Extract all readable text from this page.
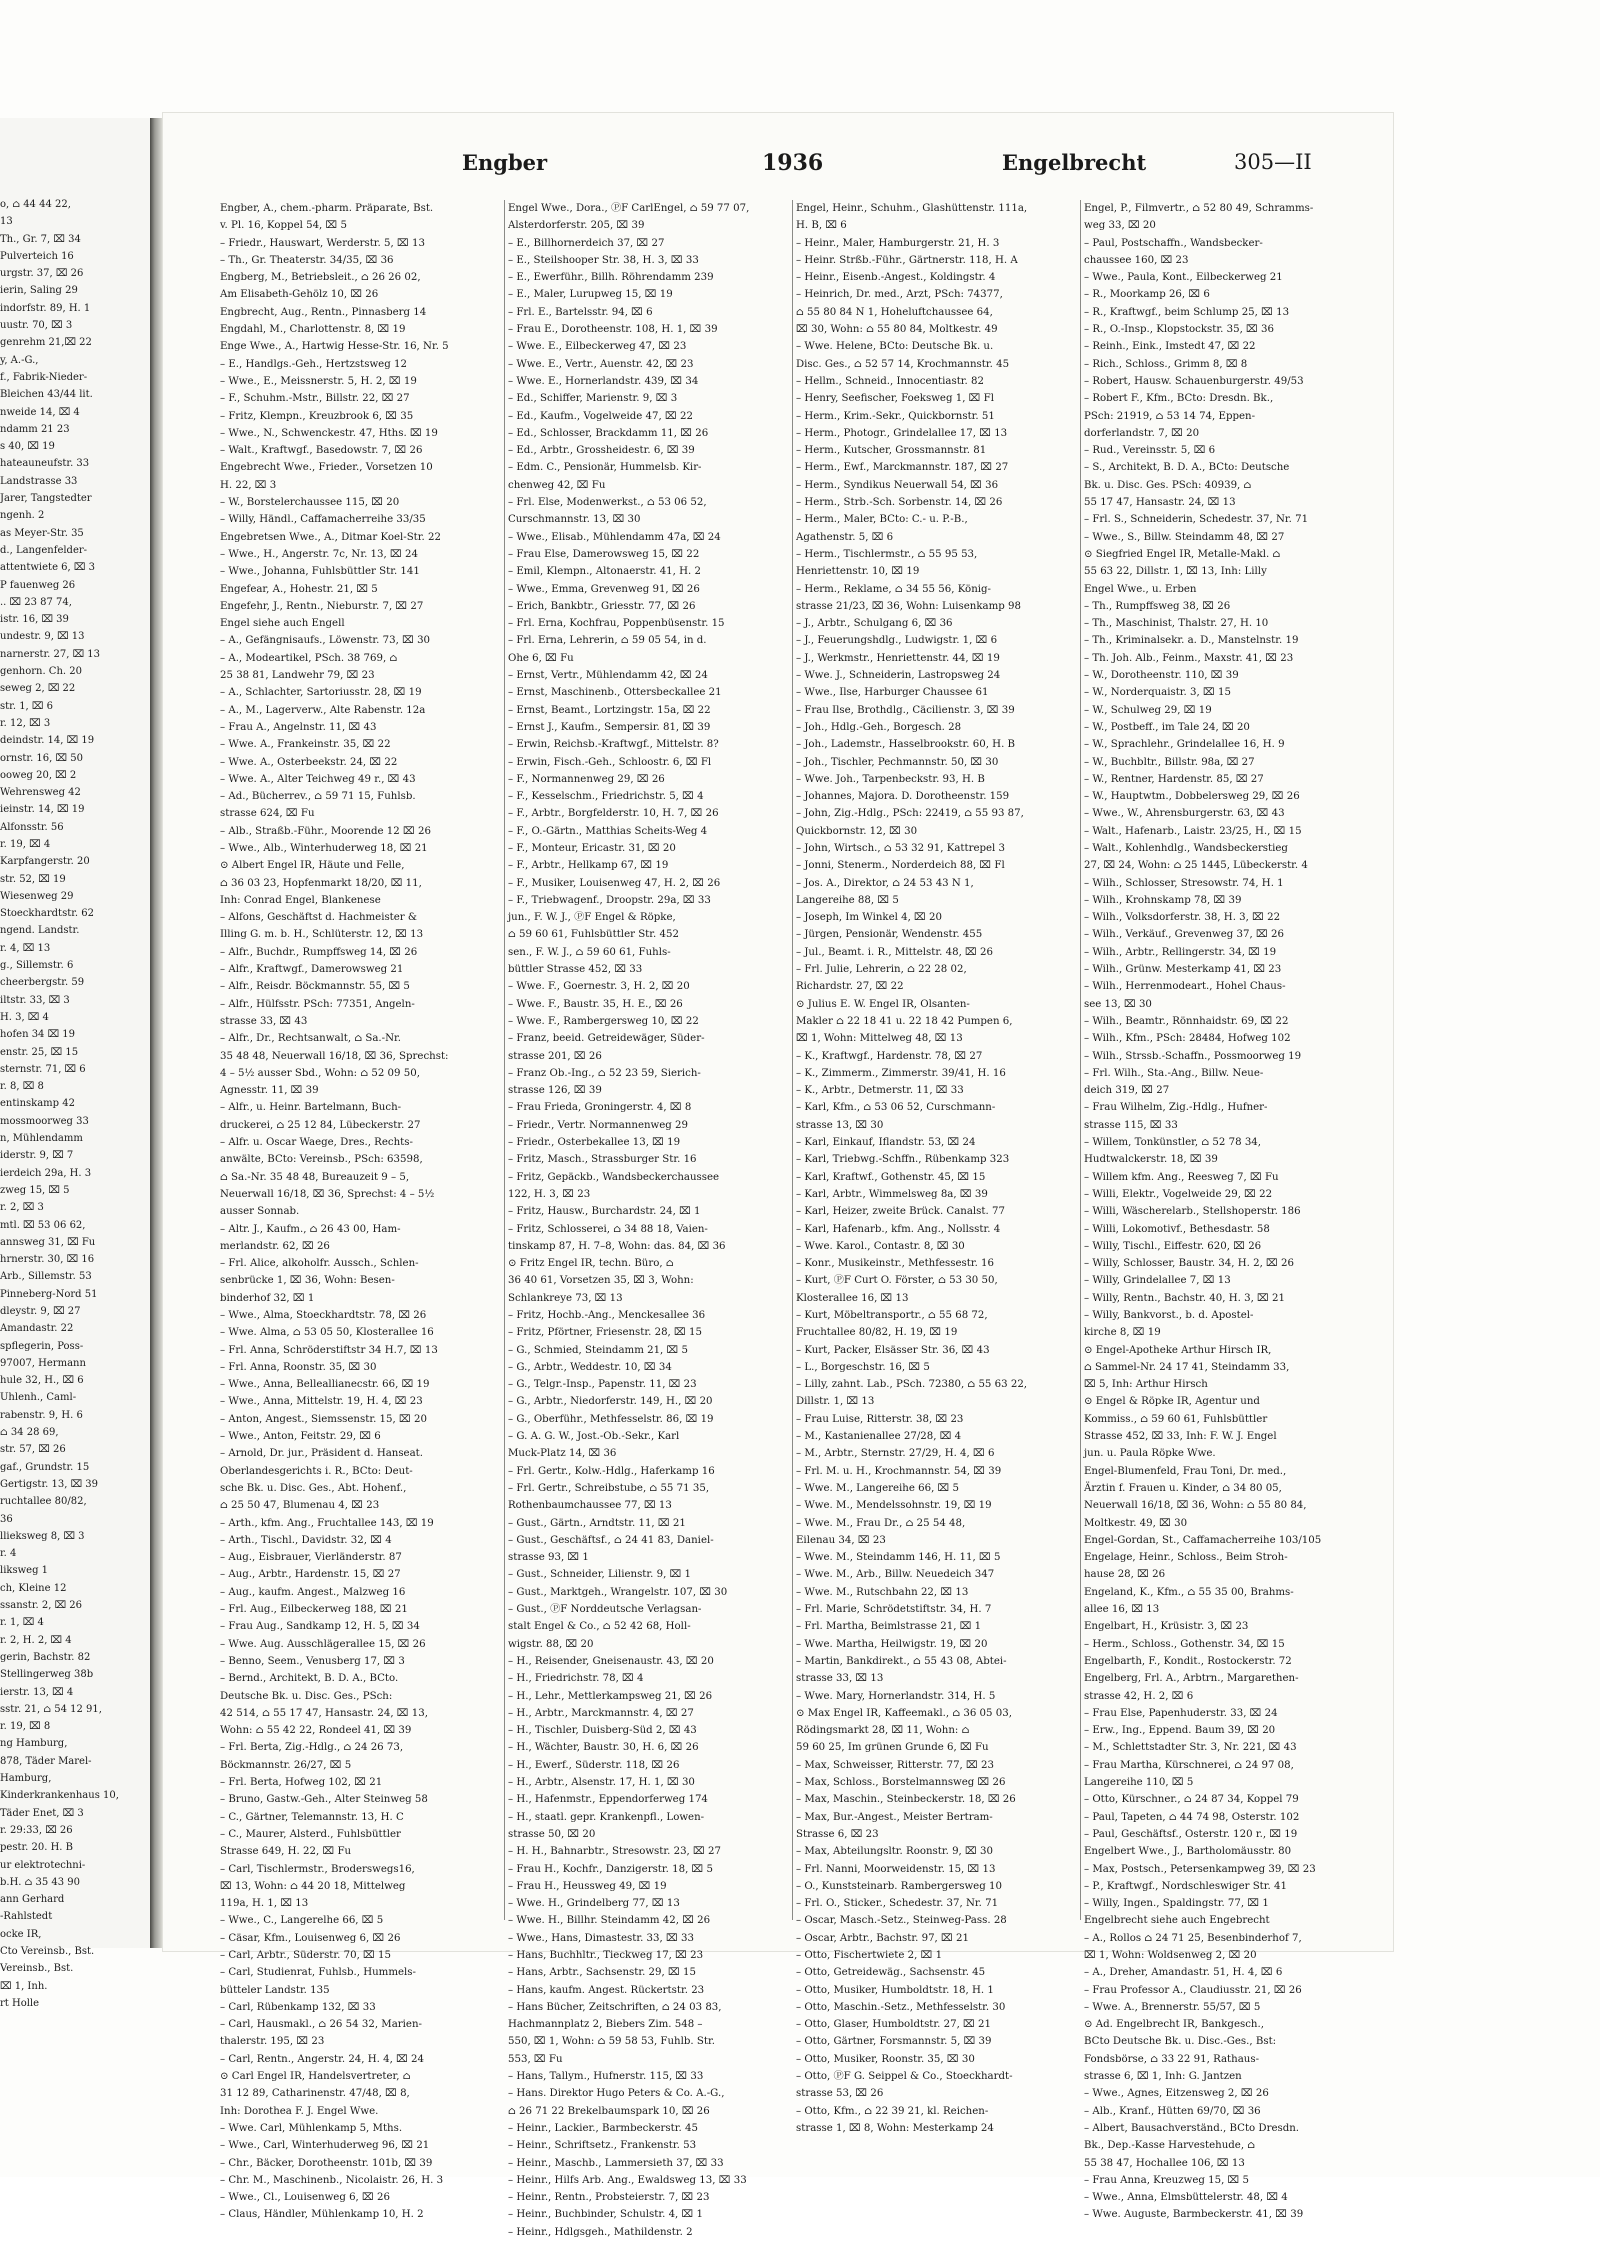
o, ⌂ 44 44 22,
13
Th., Gr. 7, ⌧ 34
Pulverteich 16
urgstr. 37, ⌧ 26
ierin, Saling 29
indorfstr. 89, H. 1
uustr. 70, ⌧ 3
genrehm 21,⌧ 22
y, A.-G.,
f., Fabrik-Nieder-
Bleichen 43/44 lit.
nweide 14, ⌧ 4
ndamm 21 23
s 40, ⌧ 19
hateauneufstr. 33
Landstrasse 33
Jarer, Tangstedter
ngenh. 2
as Meyer-Str. 35
d., Langenfelder-
attentwiete 6, ⌧ 3
P fauenweg 26
.. ⌧ 23 87 74,
istr. 16, ⌧ 39
undestr. 9, ⌧ 13
narnerstr. 27, ⌧ 13
genhorn. Ch. 20
seweg 2, ⌧ 22
str. 1, ⌧ 6
r. 12, ⌧ 3
deindstr. 14, ⌧ 19
ornstr. 16, ⌧ 50
ooweg 20, ⌧ 2
Wehrensweg 42
ieinstr. 14, ⌧ 19
Alfonsstr. 56
r. 19, ⌧ 4
Karpfangerstr. 20
str. 52, ⌧ 19
Wiesenweg 29
Stoeckhardtstr. 62
ngend. Landstr.
r. 4, ⌧ 13
g., Sillemstr. 6
cheerbergstr. 59
iltstr. 33, ⌧ 3
H. 3, ⌧ 4
hofen 34 ⌧ 19
enstr. 25, ⌧ 15
sternstr. 71, ⌧ 6
r. 8, ⌧ 8
entinskamp 42
mossmoorweg 33
n, Mühlendamm
iderstr. 9, ⌧ 7
ierdeich 29a, H. 3
zweg 15, ⌧ 5
r. 2, ⌧ 3
mtl. ⌧ 53 06 62,
annsweg 31, ⌧ Fu
hrnerstr. 30, ⌧ 16
Arb., Sillemstr. 53
Pinneberg-Nord 51
dleystr. 9, ⌧ 27
Amandastr. 22
spflegerin, Poss-
97007, Hermann
hule 32, H., ⌧ 6
Uhlenh., Caml-
rabenstr. 9, H. 6
⌂ 34 28 69,
str. 57, ⌧ 26
gaf., Grundstr. 15
Gertigstr. 13, ⌧ 39
ruchtallee 80/82,
36
llieksweg 8, ⌧ 3
r. 4
liksweg 1
ch, Kleine 12
ssanstr. 2, ⌧ 26
r. 1, ⌧ 4
r. 2, H. 2, ⌧ 4
gerin, Bachstr. 82
Stellingerweg 38b
ierstr. 13, ⌧ 4
sstr. 21, ⌂ 54 12 91,
r. 19, ⌧ 8
ng Hamburg,
878, Täder Marel-
Hamburg,
Kinderkrankenhaus 10,
Täder Enet, ⌧ 3
r. 29:33, ⌧ 26
pestr. 20. H. B
ur elektrotechni-
b.H. ⌂ 35 43 90
ann Gerhard
-Rahlstedt
ocke IR,
Cto Vereinsb., Bst.
Vereinsb., Bst.
⌧ 1, Inh.
rt Holle
Engber	1936	Engelbrecht	305—II
Engber, A., chem.-pharm. Präparate, Bst.
v. Pl. 16, Koppel 54, ⌧ 5
– Friedr., Hauswart, Werderstr. 5, ⌧ 13
– Th., Gr. Theaterstr. 34/35, ⌧ 36
Engberg, M., Betriebsleit., ⌂ 26 26 02,
Am Elisabeth-Gehölz 10, ⌧ 26
Engbrecht, Aug., Rentn., Pinnasberg 14
Engdahl, M., Charlottenstr. 8, ⌧ 19
Enge Wwe., A., Hartwig Hesse-Str. 16, Nr. 5
– E., Handlgs.-Geh., Hertzstsweg 12
– Wwe., E., Meissnerstr. 5, H. 2, ⌧ 19
– F., Schuhm.-Mstr., Billstr. 22, ⌧ 27
– Fritz, Klempn., Kreuzbrook 6, ⌧ 35
– Wwe., N., Schwenckestr. 47, Hths. ⌧ 19
– Walt., Kraftwgf., Basedowstr. 7, ⌧ 26
Engebrecht Wwe., Frieder., Vorsetzen 10
H. 22, ⌧ 3
– W., Borstelerchaussee 115, ⌧ 20
– Willy, Händl., Caffamacherreihe 33/35
Engebretsen Wwe., A., Ditmar Koel-Str. 22
– Wwe., H., Angerstr. 7c, Nr. 13, ⌧ 24
– Wwe., Johanna, Fuhlsbüttler Str. 141
Engefear, A., Hohestr. 21, ⌧ 5
Engefehr, J., Rentn., Nieburstr. 7, ⌧ 27
Engel siehe auch Engell
– A., Gefängnisaufs., Löwenstr. 73, ⌧ 30
– A., Modeartikel, PSch. 38 769, ⌂
25 38 81, Landwehr 79, ⌧ 23
– A., Schlachter, Sartoriusstr. 28, ⌧ 19
– A., M., Lagerverw., Alte Rabenstr. 12a
– Frau A., Angelnstr. 11, ⌧ 43
– Wwe. A., Frankeinstr. 35, ⌧ 22
– Wwe. A., Osterbeekstr. 24, ⌧ 22
– Wwe. A., Alter Teichweg 49 r., ⌧ 43
– Ad., Bücherrev., ⌂ 59 71 15, Fuhlsb.
strasse 624, ⌧ Fu
– Alb., Straßb.-Führ., Moorende 12 ⌧ 26
– Wwe., Alb., Winterhuderweg 18, ⌧ 21
⊙ Albert Engel IR, Häute und Felle,
⌂ 36 03 23, Hopfenmarkt 18/20, ⌧ 11,
Inh: Conrad Engel, Blankenese
– Alfons, Geschäftst d. Hachmeister &
Illing G. m. b. H., Schlüterstr. 12, ⌧ 13
– Alfr., Buchdr., Rumpffsweg 14, ⌧ 26
– Alfr., Kraftwgf., Damerowsweg 21
– Alfr., Reisdr. Böckmannstr. 55, ⌧ 5
– Alfr., Hülfsstr. PSch: 77351, Angeln-
strasse 33, ⌧ 43
– Alfr., Dr., Rechtsanwalt, ⌂ Sa.-Nr.
35 48 48, Neuerwall 16/18, ⌧ 36, Sprechst:
4 – 5½ ausser Sbd., Wohn: ⌂ 52 09 50,
Agnesstr. 11, ⌧ 39
– Alfr., u. Heinr. Bartelmann, Buch-
druckerei, ⌂ 25 12 84, Lübeckerstr. 27
– Alfr. u. Oscar Waege, Dres., Rechts-
anwälte, BCto: Vereinsb., PSch: 63598,
⌂ Sa.-Nr. 35 48 48, Bureauzeit 9 – 5,
Neuerwall 16/18, ⌧ 36, Sprechst: 4 – 5½
ausser Sonnab.
– Altr. J., Kaufm., ⌂ 26 43 00, Ham-
merlandstr. 62, ⌧ 26
– Frl. Alice, alkoholfr. Aussch., Schlen-
senbrücke 1, ⌧ 36, Wohn: Besen-
binderhof 32, ⌧ 1
– Wwe., Alma, Stoeckhardtstr. 78, ⌧ 26
– Wwe. Alma, ⌂ 53 05 50, Klosterallee 16
– Frl. Anna, Schröderstiftstr 34 H.7, ⌧ 13
– Frl. Anna, Roonstr. 35, ⌧ 30
– Wwe., Anna, Belleallianecstr. 66, ⌧ 19
– Wwe., Anna, Mittelstr. 19, H. 4, ⌧ 23
– Anton, Angest., Siemssenstr. 15, ⌧ 20
– Wwe., Anton, Feitstr. 29, ⌧ 6
– Arnold, Dr. jur., Präsident d. Hanseat.
Oberlandesgerichts i. R., BCto: Deut-
sche Bk. u. Disc. Ges., Abt. Hohenf.,
⌂ 25 50 47, Blumenau 4, ⌧ 23
– Arth., kfm. Ang., Fruchtallee 143, ⌧ 19
– Arth., Tischl., Davidstr. 32, ⌧ 4
– Aug., Eisbrauer, Vierländerstr. 87
– Aug., Arbtr., Hardenstr. 15, ⌧ 27
– Aug., kaufm. Angest., Malzweg 16
– Frl. Aug., Eilbeckerweg 188, ⌧ 21
– Frau Aug., Sandkamp 12, H. 5, ⌧ 34
– Wwe. Aug. Ausschlägerallee 15, ⌧ 26
– Benno, Seem., Venusberg 17, ⌧ 3
– Bernd., Architekt, B. D. A., BCto.
Deutsche Bk. u. Disc. Ges., PSch:
42 514, ⌂ 55 17 47, Hansastr. 24, ⌧ 13,
Wohn: ⌂ 55 42 22, Rondeel 41, ⌧ 39
– Frl. Berta, Zig.-Hdlg., ⌂ 24 26 73,
Böckmannstr. 26/27, ⌧ 5
– Frl. Berta, Hofweg 102, ⌧ 21
– Bruno, Gastw.-Geh., Alter Steinweg 58
– C., Gärtner, Telemannstr. 13, H. C
– C., Maurer, Alsterd., Fuhlsbüttler
Strasse 649, H. 22, ⌧ Fu
– Carl, Tischlermstr., Broderswegs16,
⌧ 13, Wohn: ⌂ 44 20 18, Mittelweg
119a, H. 1, ⌧ 13
– Wwe., C., Langerelhe 66, ⌧ 5
– Cäsar, Kfm., Louisenweg 6, ⌧ 26
– Carl, Arbtr., Süderstr. 70, ⌧ 15
– Carl, Studienrat, Fuhlsb., Hummels-
bütteler Landstr. 135
– Carl, Rübenkamp 132, ⌧ 33
– Carl, Hausmakl., ⌂ 26 54 32, Marien-
thalerstr. 195, ⌧ 23
– Carl, Rentn., Angerstr. 24, H. 4, ⌧ 24
⊙ Carl Engel IR, Handelsvertreter, ⌂
31 12 89, Catharinenstr. 47/48, ⌧ 8,
Inh: Dorothea F. J. Engel Wwe.
– Wwe. Carl, Mühlenkamp 5, Mths.
– Wwe., Carl, Winterhuderweg 96, ⌧ 21
– Chr., Bäcker, Dorotheenstr. 101b, ⌧ 39
– Chr. M., Maschinenb., Nicolaistr. 26, H. 3
– Wwe., Cl., Louisenweg 6, ⌧ 26
– Claus, Händler, Mühlenkamp 10, H. 2
Engel Wwe., Dora., ⓅF CarlEngel, ⌂ 59 77 07,
Alsterdorferstr. 205, ⌧ 39
– E., Billhornerdeich 37, ⌧ 27
– E., Steilshooper Str. 38, H. 3, ⌧ 33
– E., Ewerführ., Billh. Röhrendamm 239
– E., Maler, Lurupweg 15, ⌧ 19
– Frl. E., Bartelsstr. 94, ⌧ 6
– Frau E., Dorotheenstr. 108, H. 1, ⌧ 39
– Wwe. E., Eilbeckerweg 47, ⌧ 23
– Wwe. E., Vertr., Auenstr. 42, ⌧ 23
– Wwe. E., Hornerlandstr. 439, ⌧ 34
– Ed., Schiffer, Marienstr. 9, ⌧ 3
– Ed., Kaufm., Vogelweide 47, ⌧ 22
– Ed., Schlosser, Brackdamm 11, ⌧ 26
– Ed., Arbtr., Grossheidestr. 6, ⌧ 39
– Edm. C., Pensionär, Hummelsb. Kir-
chenweg 42, ⌧ Fu
– Frl. Else, Modenwerkst., ⌂ 53 06 52,
Curschmannstr. 13, ⌧ 30
– Wwe., Elisab., Mühlendamm 47a, ⌧ 24
– Frau Else, Damerowsweg 15, ⌧ 22
– Emil, Klempn., Altonaerstr. 41, H. 2
– Wwe., Emma, Grevenweg 91, ⌧ 26
– Erich, Bankbtr., Griesstr. 77, ⌧ 26
– Frl. Erna, Kochfrau, Poppenbüsenstr. 15
– Frl. Erna, Lehrerin, ⌂ 59 05 54, in d.
Ohe 6, ⌧ Fu
– Ernst, Vertr., Mühlendamm 42, ⌧ 24
– Ernst, Maschinenb., Ottersbeckallee 21
– Ernst, Beamt., Lortzingstr. 15a, ⌧ 22
– Ernst J., Kaufm., Sempersir. 81, ⌧ 39
– Erwin, Reichsb.-Kraftwgf., Mittelstr. 8?
– Erwin, Fisch.-Geh., Schloostr. 6, ⌧ Fl
– F., Normannenweg 29, ⌧ 26
– F., Kesselschm., Friedrichstr. 5, ⌧ 4
– F., Arbtr., Borgfelderstr. 10, H. 7, ⌧ 26
– F., O.-Gärtn., Matthias Scheits-Weg 4
– F., Monteur, Ericastr. 31, ⌧ 20
– F., Arbtr., Hellkamp 67, ⌧ 19
– F., Musiker, Louisenweg 47, H. 2, ⌧ 26
– F., Triebwagenf., Droopstr. 29a, ⌧ 33
jun., F. W. J., ⓅF Engel & Röpke,
⌂ 59 60 61, Fuhlsbüttler Str. 452
sen., F. W. J., ⌂ 59 60 61, Fuhls-
büttler Strasse 452, ⌧ 33
– Wwe. F., Goernestr. 3, H. 2, ⌧ 20
– Wwe. F., Baustr. 35, H. E., ⌧ 26
– Wwe. F., Rambergersweg 10, ⌧ 22
– Franz, beeid. Getreidewäger, Süder-
strasse 201, ⌧ 26
– Franz Ob.-Ing., ⌂ 52 23 59, Sierich-
strasse 126, ⌧ 39
– Frau Frieda, Groningerstr. 4, ⌧ 8
– Friedr., Vertr. Normannenweg 29
– Friedr., Osterbekallee 13, ⌧ 19
– Fritz, Masch., Strassburger Str. 16
– Fritz, Gepäckb., Wandsbeckerchaussee
122, H. 3, ⌧ 23
– Fritz, Hausw., Burchardstr. 24, ⌧ 1
– Fritz, Schlosserei, ⌂ 34 88 18, Vaien-
tinskamp 87, H. 7–8, Wohn: das. 84, ⌧ 36
⊙ Fritz Engel IR, techn. Büro, ⌂
36 40 61, Vorsetzen 35, ⌧ 3, Wohn:
Schlankreye 73, ⌧ 13
– Fritz, Hochb.-Ang., Menckesallee 36
– Fritz, Pförtner, Friesenstr. 28, ⌧ 15
– G., Schmied, Steindamm 21, ⌧ 5
– G., Arbtr., Weddestr. 10, ⌧ 34
– G., Telgr.-Insp., Papenstr. 11, ⌧ 23
– G., Arbtr., Niedorferstr. 149, H., ⌧ 20
– G., Oberführ., Methfesselstr. 86, ⌧ 19
– G. A. G. W., Jost.-Ob.-Sekr., Karl
Muck-Platz 14, ⌧ 36
– Frl. Gertr., Kolw.-Hdlg., Haferkamp 16
– Frl. Gertr., Schreibstube, ⌂ 55 71 35,
Rothenbaumchaussee 77, ⌧ 13
– Gust., Gärtn., Arndtstr. 11, ⌧ 21
– Gust., Geschäftsf., ⌂ 24 41 83, Daniel-
strasse 93, ⌧ 1
– Gust., Schneider, Lilienstr. 9, ⌧ 1
– Gust., Marktgeh., Wrangelstr. 107, ⌧ 30
– Gust., ⓅF Norddeutsche Verlagsan-
stalt Engel & Co., ⌂ 52 42 68, Holl-
wigstr. 88, ⌧ 20
– H., Reisender, Gneisenaustr. 43, ⌧ 20
– H., Friedrichstr. 78, ⌧ 4
– H., Lehr., Mettlerkampsweg 21, ⌧ 26
– H., Arbtr., Marckmannstr. 4, ⌧ 27
– H., Tischler, Duisberg-Süd 2, ⌧ 43
– H., Wächter, Baustr. 30, H. 6, ⌧ 26
– H., Ewerf., Süderstr. 118, ⌧ 26
– H., Arbtr., Alsenstr. 17, H. 1, ⌧ 30
– H., Hafenmstr., Eppendorferweg 174
– H., staatl. gepr. Krankenpfl., Lowen-
strasse 50, ⌧ 20
– H. H., Bahnarbtr., Stresowstr. 23, ⌧ 27
– Frau H., Kochfr., Danzigerstr. 18, ⌧ 5
– Frau H., Heussweg 49, ⌧ 19
– Wwe. H., Grindelberg 77, ⌧ 13
– Wwe. H., Billhr. Steindamm 42, ⌧ 26
– Wwe., Hans, Dimastestr. 33, ⌧ 33
– Hans, Buchhltr., Tieckweg 17, ⌧ 23
– Hans, Arbtr., Sachsenstr. 29, ⌧ 15
– Hans, kaufm. Angest. Rückertstr. 23
– Hans Bücher, Zeitschriften, ⌂ 24 03 83,
Hachmannplatz 2, Biebers Zim. 548 –
550, ⌧ 1, Wohn: ⌂ 59 58 53, Fuhlb. Str.
553, ⌧ Fu
– Hans, Tallym., Hufnerstr. 115, ⌧ 33
– Hans. Direktor Hugo Peters & Co. A.-G.,
⌂ 26 71 22 Brekelbaumspark 10, ⌧ 26
– Heinr., Lackier., Barmbeckerstr. 45
– Heinr., Schriftsetz., Frankenstr. 53
– Heinr., Maschb., Lammersieth 37, ⌧ 33
– Heinr., Hilfs Arb. Ang., Ewaldsweg 13, ⌧ 33
– Heinr., Rentn., Probsteierstr. 7, ⌧ 23
– Heinr., Buchbinder, Schulstr. 4, ⌧ 1
– Heinr., Hdlgsgeh., Mathildenstr. 2
Engel, Heinr., Schuhm., Glashüttenstr. 111a,
H. B, ⌧ 6
– Heinr., Maler, Hamburgerstr. 21, H. 3
– Heinr. Strßb.-Führ., Gärtnerstr. 118, H. A
– Heinr., Eisenb.-Angest., Koldingstr. 4
– Heinrich, Dr. med., Arzt, PSch: 74377,
⌂ 55 80 84 N 1, Hoheluftchaussee 64,
⌧ 30, Wohn: ⌂ 55 80 84, Moltkestr. 49
– Wwe. Helene, BCto: Deutsche Bk. u.
Disc. Ges., ⌂ 52 57 14, Krochmannstr. 45
– Hellm., Schneid., Innocentiastr. 82
– Henry, Seefischer, Foeksweg 1, ⌧ Fl
– Herm., Krim.-Sekr., Quickbornstr. 51
– Herm., Photogr., Grindelallee 17, ⌧ 13
– Herm., Kutscher, Grossmannstr. 81
– Herm., Ewf., Marckmannstr. 187, ⌧ 27
– Herm., Syndikus Neuerwall 54, ⌧ 36
– Herm., Strb.-Sch. Sorbenstr. 14, ⌧ 26
– Herm., Maler, BCto: C.- u. P.-B.,
Agathenstr. 5, ⌧ 6
– Herm., Tischlermstr., ⌂ 55 95 53,
Henriettenstr. 10, ⌧ 19
– Herm., Reklame, ⌂ 34 55 56, König-
strasse 21/23, ⌧ 36, Wohn: Luisenkamp 98
– J., Arbtr., Schulgang 6, ⌧ 36
– J., Feuerungshdlg., Ludwigstr. 1, ⌧ 6
– J., Werkmstr., Henriettenstr. 44, ⌧ 19
– Wwe. J., Schneiderin, Lastropsweg 24
– Wwe., Ilse, Harburger Chaussee 61
– Frau Ilse, Brothdlg., Cäcilienstr. 3, ⌧ 39
– Joh., Hdlg.-Geh., Borgesch. 28
– Joh., Lademstr., Hasselbrookstr. 60, H. B
– Joh., Tischler, Pechmannstr. 50, ⌧ 30
– Wwe. Joh., Tarpenbeckstr. 93, H. B
– Johannes, Majora. D. Dorotheenstr. 159
– John, Zig.-Hdlg., PSch: 22419, ⌂ 55 93 87,
Quickbornstr. 12, ⌧ 30
– John, Wirtsch., ⌂ 53 32 91, Kattrepel 3
– Jonni, Stenerm., Norderdeich 88, ⌧ Fl
– Jos. A., Direktor, ⌂ 24 53 43 N 1,
Langereihe 88, ⌧ 5
– Joseph, Im Winkel 4, ⌧ 20
– Jürgen, Pensionär, Wendenstr. 455
– Jul., Beamt. i. R., Mittelstr. 48, ⌧ 26
– Frl. Julie, Lehrerin, ⌂ 22 28 02,
Richardstr. 27, ⌧ 22
⊙ Julius E. W. Engel IR, Olsanten-
Makler ⌂ 22 18 41 u. 22 18 42 Pumpen 6,
⌧ 1, Wohn: Mittelweg 48, ⌧ 13
– K., Kraftwgf., Hardenstr. 78, ⌧ 27
– K., Zimmerm., Zimmerstr. 39/41, H. 16
– K., Arbtr., Detmerstr. 11, ⌧ 33
– Karl, Kfm., ⌂ 53 06 52, Curschmann-
strasse 13, ⌧ 30
– Karl, Einkauf, Iflandstr. 53, ⌧ 24
– Karl, Triebwg.-Schffn., Rübenkamp 323
– Karl, Kraftwf., Gothenstr. 45, ⌧ 15
– Karl, Arbtr., Wimmelsweg 8a, ⌧ 39
– Karl, Heizer, zweite Brück. Canalst. 77
– Karl, Hafenarb., kfm. Ang., Nollsstr. 4
– Wwe. Karol., Contastr. 8, ⌧ 30
– Konr., Musikeinstr., Methfessestr. 16
– Kurt, ⓅF Curt O. Förster, ⌂ 53 30 50,
Klosterallee 16, ⌧ 13
– Kurt, Möbeltransportr., ⌂ 55 68 72,
Fruchtallee 80/82, H. 19, ⌧ 19
– Kurt, Packer, Elsässer Str. 36, ⌧ 43
– L., Borgeschstr. 16, ⌧ 5
– Lilly, zahnt. Lab., PSch. 72380, ⌂ 55 63 22,
Dillstr. 1, ⌧ 13
– Frau Luise, Ritterstr. 38, ⌧ 23
– M., Kastanienallee 27/28, ⌧ 4
– M., Arbtr., Sternstr. 27/29, H. 4, ⌧ 6
– Frl. M. u. H., Krochmannstr. 54, ⌧ 39
– Wwe. M., Langereihe 66, ⌧ 5
– Wwe. M., Mendelssohnstr. 19, ⌧ 19
– Wwe. M., Frau Dr., ⌂ 25 54 48,
Eilenau 34, ⌧ 23
– Wwe. M., Steindamm 146, H. 11, ⌧ 5
– Wwe. M., Arb., Billw. Neuedeich 347
– Wwe. M., Rutschbahn 22, ⌧ 13
– Frl. Marie, Schrödetstiftstr. 34, H. 7
– Frl. Martha, Beimlstrasse 21, ⌧ 1
– Wwe. Martha, Heilwigstr. 19, ⌧ 20
– Martin, Bankdirekt., ⌂ 55 43 08, Abtei-
strasse 33, ⌧ 13
– Wwe. Mary, Hornerlandstr. 314, H. 5
⊙ Max Engel IR, Kaffeemakl., ⌂ 36 05 03,
Rödingsmarkt 28, ⌧ 11, Wohn: ⌂
59 60 25, Im grünen Grunde 6, ⌧ Fu
– Max, Schweisser, Ritterstr. 77, ⌧ 23
– Max, Schloss., Borstelmannsweg ⌧ 26
– Max, Maschin., Steinbeckerstr. 18, ⌧ 26
– Max, Bur.-Angest., Meister Bertram-
Strasse 6, ⌧ 23
– Max, Abteilungsltr. Roonstr. 9, ⌧ 30
– Frl. Nanni, Moorweidenstr. 15, ⌧ 13
– O., Kunststeinarb. Rambergersweg 10
– Frl. O., Sticker., Schedestr. 37, Nr. 71
– Oscar, Masch.-Setz., Steinweg-Pass. 28
– Oscar, Arbtr., Bachstr. 97, ⌧ 21
– Otto, Fischertwiete 2, ⌧ 1
– Otto, Getreidewäg., Sachsenstr. 45
– Otto, Musiker, Humboldtstr. 18, H. 1
– Otto, Maschin.-Setz., Methfesselstr. 30
– Otto, Glaser, Humboldtstr. 27, ⌧ 21
– Otto, Gärtner, Forsmannstr. 5, ⌧ 39
– Otto, Musiker, Roonstr. 35, ⌧ 30
– Otto, ⓅF G. Seippel & Co., Stoeckhardt-
strasse 53, ⌧ 26
– Otto, Kfm., ⌂ 22 39 21, kl. Reichen-
strasse 1, ⌧ 8, Wohn: Mesterkamp 24
Engel, P., Filmvertr., ⌂ 52 80 49, Schramms-
weg 33, ⌧ 20
– Paul, Postschaffn., Wandsbecker-
chaussee 160, ⌧ 23
– Wwe., Paula, Kont., Eilbeckerweg 21
– R., Moorkamp 26, ⌧ 6
– R., Kraftwgf., beim Schlump 25, ⌧ 13
– R., O.-Insp., Klopstockstr. 35, ⌧ 36
– Reinh., Eink., Imstedt 47, ⌧ 22
– Rich., Schloss., Grimm 8, ⌧ 8
– Robert, Hausw. Schauenburgerstr. 49/53
– Robert F., Kfm., BCto: Dresdn. Bk.,
PSch: 21919, ⌂ 53 14 74, Eppen-
dorferlandstr. 7, ⌧ 20
– Rud., Vereinsstr. 5, ⌧ 6
– S., Architekt, B. D. A., BCto: Deutsche
Bk. u. Disc. Ges. PSch: 40939, ⌂
55 17 47, Hansastr. 24, ⌧ 13
– Frl. S., Schneiderin, Schedestr. 37, Nr. 71
– Wwe., S., Billw. Steindamm 48, ⌧ 27
⊙ Siegfried Engel IR, Metalle-Makl. ⌂
55 63 22, Dillstr. 1, ⌧ 13, Inh: Lilly
Engel Wwe., u. Erben
– Th., Rumpffsweg 38, ⌧ 26
– Th., Maschinist, Thalstr. 27, H. 10
– Th., Kriminalsekr. a. D., Manstelnstr. 19
– Th. Joh. Alb., Feinm., Maxstr. 41, ⌧ 23
– W., Dorotheenstr. 110, ⌧ 39
– W., Norderquaistr. 3, ⌧ 15
– W., Schulweg 29, ⌧ 19
– W., Postbeff., im Tale 24, ⌧ 20
– W., Sprachlehr., Grindelallee 16, H. 9
– W., Buchbltr., Billstr. 98a, ⌧ 27
– W., Rentner, Hardenstr. 85, ⌧ 27
– W., Hauptwtm., Dobbelersweg 29, ⌧ 26
– Wwe., W., Ahrensburgerstr. 63, ⌧ 43
– Walt., Hafenarb., Laistr. 23/25, H., ⌧ 15
– Walt., Kohlenhdlg., Wandsbeckerstieg
27, ⌧ 24, Wohn: ⌂ 25 1445, Lübeckerstr. 4
– Wilh., Schlosser, Stresowstr. 74, H. 1
– Wilh., Krohnskamp 78, ⌧ 39
– Wilh., Volksdorferstr. 38, H. 3, ⌧ 22
– Wilh., Verkäuf., Grevenweg 37, ⌧ 26
– Wilh., Arbtr., Rellingerstr. 34, ⌧ 19
– Wilh., Grünw. Mesterkamp 41, ⌧ 23
– Wilh., Herrenmodeart., Hohel Chaus-
see 13, ⌧ 30
– Wilh., Beamtr., Rönnhaidstr. 69, ⌧ 22
– Wilh., Kfm., PSch: 28484, Hofweg 102
– Wilh., Strssb.-Schaffn., Possmoorweg 19
– Frl. Wilh., Sta.-Ang., Billw. Neue-
deich 319, ⌧ 27
– Frau Wilhelm, Zig.-Hdlg., Hufner-
strasse 115, ⌧ 33
– Willem, Tonkünstler, ⌂ 52 78 34,
Hudtwalckerstr. 18, ⌧ 39
– Willem kfm. Ang., Reesweg 7, ⌧ Fu
– Willi, Elektr., Vogelweide 29, ⌧ 22
– Willi, Wäscherelarb., Stellshoperstr. 186
– Willi, Lokomotivf., Bethesdastr. 58
– Willy, Tischl., Eiffestr. 620, ⌧ 26
– Willy, Schlosser, Baustr. 34, H. 2, ⌧ 26
– Willy, Grindelallee 7, ⌧ 13
– Willy, Rentn., Bachstr. 40, H. 3, ⌧ 21
– Willy, Bankvorst., b. d. Apostel-
kirche 8, ⌧ 19
⊙ Engel-Apotheke Arthur Hirsch IR,
⌂ Sammel-Nr. 24 17 41, Steindamm 33,
⌧ 5, Inh: Arthur Hirsch
⊙ Engel & Röpke IR, Agentur und
Kommiss., ⌂ 59 60 61, Fuhlsbüttler
Strasse 452, ⌧ 33, Inh: F. W. J. Engel
jun. u. Paula Röpke Wwe.
Engel-Blumenfeld, Frau Toni, Dr. med.,
Ärztin f. Frauen u. Kinder, ⌂ 34 80 05,
Neuerwall 16/18, ⌧ 36, Wohn: ⌂ 55 80 84,
Moltkestr. 49, ⌧ 30
Engel-Gordan, St., Caffamacherreihe 103/105
Engelage, Heinr., Schloss., Beim Stroh-
hause 28, ⌧ 26
Engeland, K., Kfm., ⌂ 55 35 00, Brahms-
allee 16, ⌧ 13
Engelbart, H., Krüsistr. 3, ⌧ 23
– Herm., Schloss., Gothenstr. 34, ⌧ 15
Engelbarth, F., Kondit., Rostockerstr. 72
Engelberg, Frl. A., Arbtrn., Margarethen-
strasse 42, H. 2, ⌧ 6
– Frau Else, Papenhuderstr. 33, ⌧ 24
– Erw., Ing., Eppend. Baum 39, ⌧ 20
– M., Schlettstadter Str. 3, Nr. 221, ⌧ 43
– Frau Martha, Kürschnerei, ⌂ 24 97 08,
Langereihe 110, ⌧ 5
– Otto, Kürschner., ⌂ 24 87 34, Koppel 79
– Paul, Tapeten, ⌂ 44 74 98, Osterstr. 102
– Paul, Geschäftsf., Osterstr. 120 r., ⌧ 19
Engelbert Wwe., J., Bartholomäusstr. 80
– Max, Postsch., Petersenkampweg 39, ⌧ 23
– P., Kraftwgf., Nordschleswiger Str. 41
– Willy, Ingen., Spaldingstr. 77, ⌧ 1
Engelbrecht siehe auch Engebrecht
– A., Rollos ⌂ 24 71 25, Besenbinderhof 7,
⌧ 1, Wohn: Woldsenweg 2, ⌧ 20
– A., Dreher, Amandastr. 51, H. 4, ⌧ 6
– Frau Professor A., Claudiusstr. 21, ⌧ 26
– Wwe. A., Brennerstr. 55/57, ⌧ 5
⊙ Ad. Engelbrecht IR, Bankgesch.,
BCto Deutsche Bk. u. Disc.-Ges., Bst:
Fondsbörse, ⌂ 33 22 91, Rathaus-
strasse 6, ⌧ 1, Inh: G. Jantzen
– Wwe., Agnes, Eitzensweg 2, ⌧ 26
– Alb., Kranf., Hütten 69/70, ⌧ 36
– Albert, Bausachverständ., BCto Dresdn.
Bk., Dep.-Kasse Harvestehude, ⌂
55 38 47, Hochallee 106, ⌧ 13
– Frau Anna, Kreuzweg 15, ⌧ 5
– Wwe., Anna, Elmsbüttelerstr. 48, ⌧ 4
– Wwe. Auguste, Barmbeckerstr. 41, ⌧ 39
